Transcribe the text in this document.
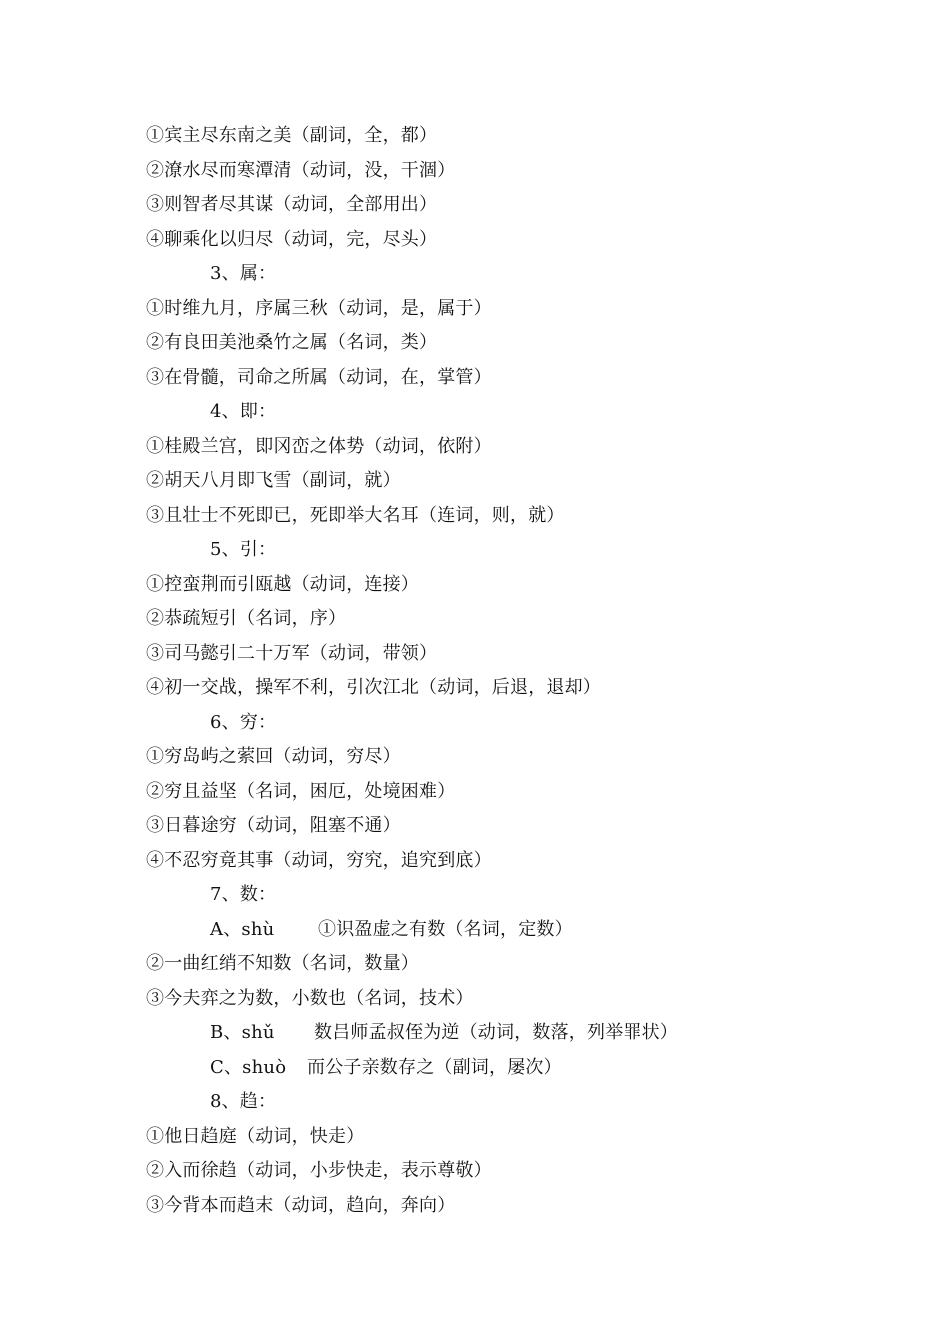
①宾主尽东南之美（副词，全，都）
②潦水尽而寒潭清（动词，没，干涸）
③则智者尽其谋（动词，全部用出）
④聊乘化以归尽（动词，完，尽头）
3、属：
①时维九月，序属三秋（动词，是，属于）
②有良田美池桑竹之属（名词，类）
③在骨髓，司命之所属（动词，在，掌管）
4、即：
①桂殿兰宫，即冈峦之体势（动词，依附）
②胡天八月即飞雪（副词，就）
③且壮士不死即已，死即举大名耳（连词，则，就）
5、引：
①控蛮荆而引瓯越（动词，连接）
②恭疏短引（名词，序）
③司马懿引二十万军（动词，带领）
④初一交战，操军不利，引次江北（动词，后退，退却）
6、穷：
①穷岛屿之萦回（动词，穷尽）
②穷且益坚（名词，困厄，处境困难）
③日暮途穷（动词，阻塞不通）
④不忍穷竟其事（动词，穷究，追究到底）
7、数：
A、shù ①识盈虚之有数（名词，定数）
②一曲红绡不知数（名词，数量）
③今夫弈之为数，小数也（名词，技术）
B、shǔ 数吕师孟叔侄为逆（动词，数落，列举罪状）
C、shuò 而公子亲数存之（副词，屡次）
8、趋：
①他日趋庭（动词，快走）
②入而徐趋（动词，小步快走，表示尊敬）
③今背本而趋末（动词，趋向，奔向）
